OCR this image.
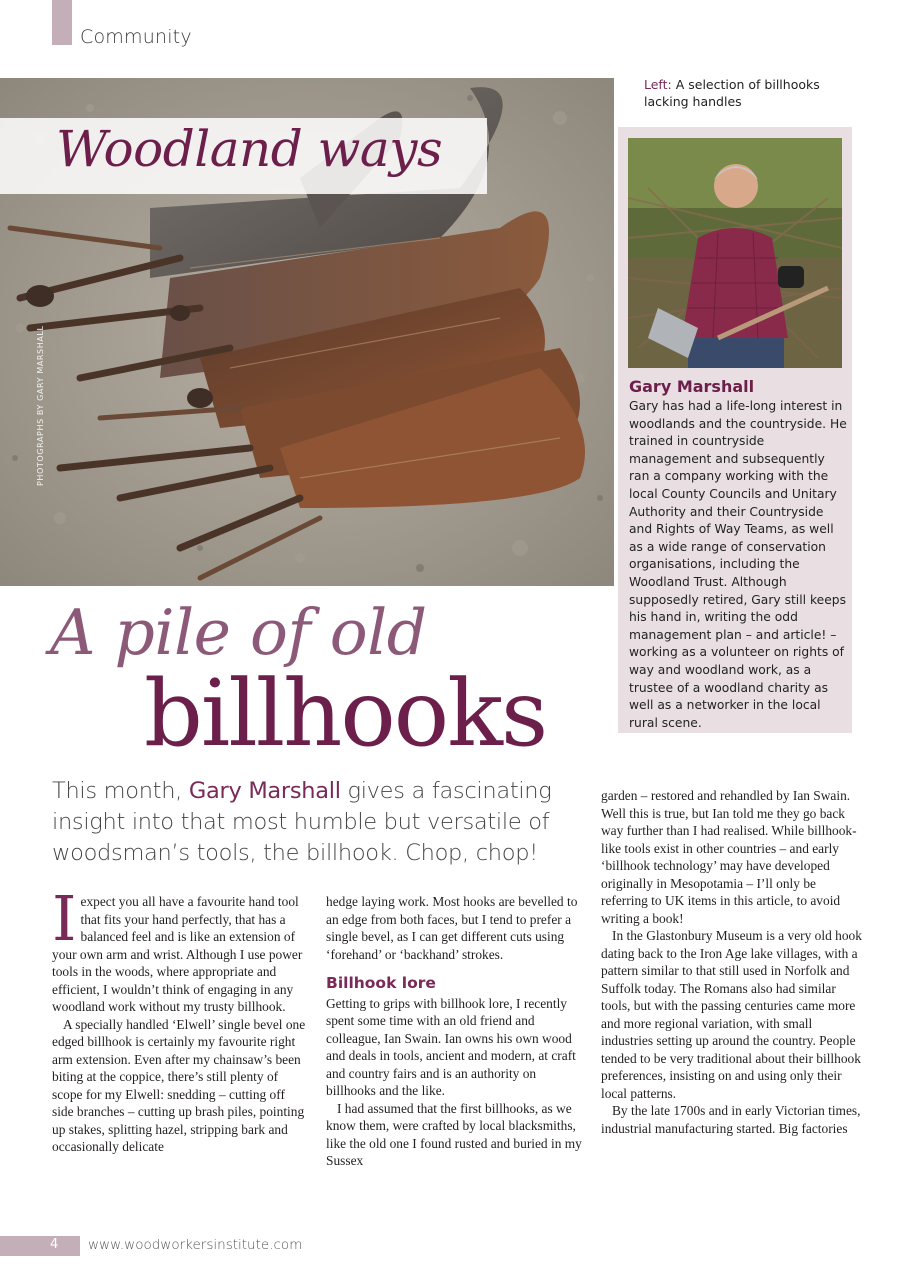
Community
PHOTOGRAPHS BY GARY MARSHALL
Woodland ways
Left: A selection of billhooks lacking handles
Gary Marshall
Gary has had a life-long interest in woodlands and the countryside. He trained in countryside management and subsequently ran a company working with the local County Councils and Unitary Authority and their Countryside and Rights of Way Teams, as well as a wide range of conservation organisations, including the Woodland Trust. Although supposedly retired, Gary still keeps his hand in, writing the odd management plan – and article! – working as a volunteer on rights of way and woodland work, as a trustee of a woodland charity as well as a networker in the local rural scene.
A pile of old
billhooks
This month, Gary Marshall gives a fascinating insight into that most humble but versatile of woodsman’s tools, the billhook. Chop, chop!

Iexpect you all have a favourite hand tool that fits your hand perfectly, that has a balanced feel and is like an extension of your own arm and wrist. Although I use power tools in the woods, where appropriate and efficient, I wouldn’t think of engaging in any woodland work without my trusty billhook.

A specially handled ‘Elwell’ single bevel one edged billhook is certainly my favourite right arm extension. Even after my chainsaw’s been biting at the coppice, there’s still plenty of scope for my Elwell: snedding – cutting off side branches – cutting up brash piles, pointing up stakes, splitting hazel, stripping bark and occasionally delicate

hedge laying work. Most hooks are bevelled to an edge from both faces, but I tend to prefer a single bevel, as I can get different cuts using ‘forehand’ or ‘backhand’ strokes.

Billhook lore

Getting to grips with billhook lore, I recently spent some time with an old friend and colleague, Ian Swain. Ian owns his own wood and deals in tools, ancient and modern, at craft and country fairs and is an authority on billhooks and the like.

I had assumed that the first billhooks, as we know them, were crafted by local blacksmiths, like the old one I found rusted and buried in my Sussex

garden – restored and rehandled by Ian Swain. Well this is true, but Ian told me they go back way further than I had realised. While billhook-like tools exist in other countries – and early ‘billhook technology’ may have developed originally in Mesopotamia – I’ll only be referring to UK items in this article, to avoid writing a book!

In the Glastonbury Museum is a very old hook dating back to the Iron Age lake villages, with a pattern similar to that still used in Norfolk and Suffolk today. The Romans also had similar tools, but with the passing centuries came more and more regional variation, with small industries setting up around the country. People tended to be very traditional about their billhook preferences, insisting on and using only their local patterns.

By the late 1700s and in early Victorian times, industrial manufacturing started. Big factories

4 www.woodworkersinstitute.com
